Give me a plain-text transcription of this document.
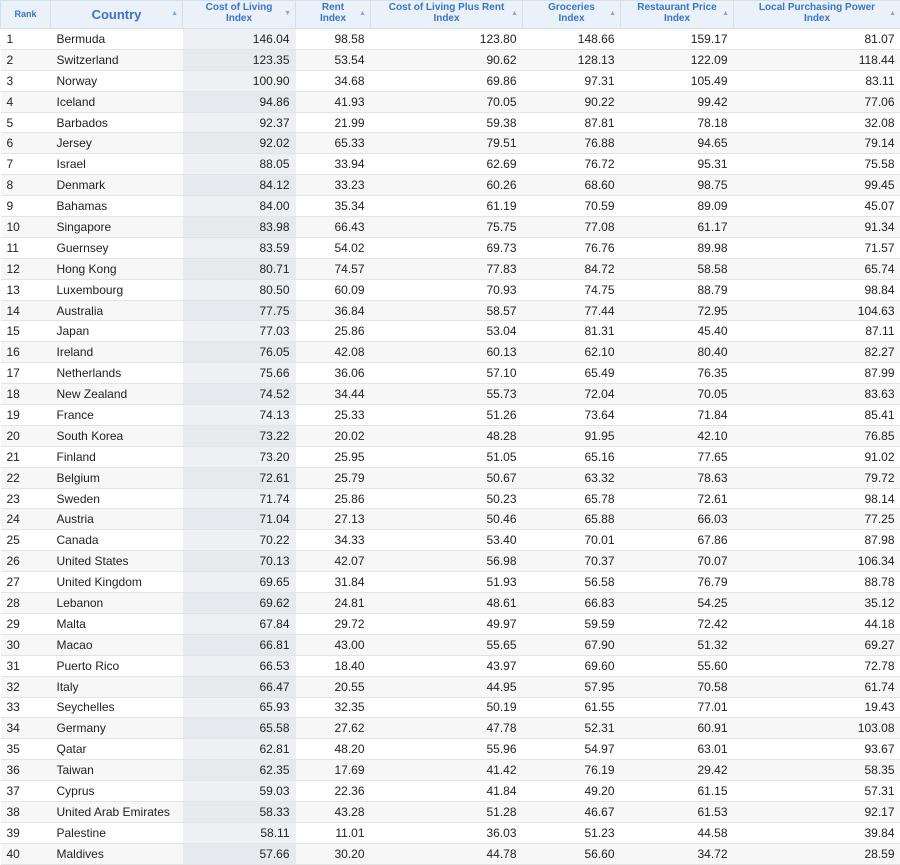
Rank	Country ▲	Cost of Living Index ▼	Rent Index ▲	Cost of Living Plus Rent Index ▲	Groceries Index ▲	Restaurant Price Index ▲	Local Purchasing Power Index ▲

1	Bermuda	146.04	98.58	123.80	148.66	159.17	81.07
2	Switzerland	123.35	53.54	90.62	128.13	122.09	118.44
3	Norway	100.90	34.68	69.86	97.31	105.49	83.11
4	Iceland	94.86	41.93	70.05	90.22	99.42	77.06
5	Barbados	92.37	21.99	59.38	87.81	78.18	32.08
6	Jersey	92.02	65.33	79.51	76.88	94.65	79.14
7	Israel	88.05	33.94	62.69	76.72	95.31	75.58
8	Denmark	84.12	33.23	60.26	68.60	98.75	99.45
9	Bahamas	84.00	35.34	61.19	70.59	89.09	45.07
10	Singapore	83.98	66.43	75.75	77.08	61.17	91.34
11	Guernsey	83.59	54.02	69.73	76.76	89.98	71.57
12	Hong Kong	80.71	74.57	77.83	84.72	58.58	65.74
13	Luxembourg	80.50	60.09	70.93	74.75	88.79	98.84
14	Australia	77.75	36.84	58.57	77.44	72.95	104.63
15	Japan	77.03	25.86	53.04	81.31	45.40	87.11
16	Ireland	76.05	42.08	60.13	62.10	80.40	82.27
17	Netherlands	75.66	36.06	57.10	65.49	76.35	87.99
18	New Zealand	74.52	34.44	55.73	72.04	70.05	83.63
19	France	74.13	25.33	51.26	73.64	71.84	85.41
20	South Korea	73.22	20.02	48.28	91.95	42.10	76.85
21	Finland	73.20	25.95	51.05	65.16	77.65	91.02
22	Belgium	72.61	25.79	50.67	63.32	78.63	79.72
23	Sweden	71.74	25.86	50.23	65.78	72.61	98.14
24	Austria	71.04	27.13	50.46	65.88	66.03	77.25
25	Canada	70.22	34.33	53.40	70.01	67.86	87.98
26	United States	70.13	42.07	56.98	70.37	70.07	106.34
27	United Kingdom	69.65	31.84	51.93	56.58	76.79	88.78
28	Lebanon	69.62	24.81	48.61	66.83	54.25	35.12
29	Malta	67.84	29.72	49.97	59.59	72.42	44.18
30	Macao	66.81	43.00	55.65	67.90	51.32	69.27
31	Puerto Rico	66.53	18.40	43.97	69.60	55.60	72.78
32	Italy	66.47	20.55	44.95	57.95	70.58	61.74
33	Seychelles	65.93	32.35	50.19	61.55	77.01	19.43
34	Germany	65.58	27.62	47.78	52.31	60.91	103.08
35	Qatar	62.81	48.20	55.96	54.97	63.01	93.67
36	Taiwan	62.35	17.69	41.42	76.19	29.42	58.35
37	Cyprus	59.03	22.36	41.84	49.20	61.15	57.31
38	United Arab Emirates	58.33	43.28	51.28	46.67	61.53	92.17
39	Palestine	58.11	11.01	36.03	51.23	44.58	39.84
40	Maldives	57.66	30.20	44.78	56.60	34.72	28.59
